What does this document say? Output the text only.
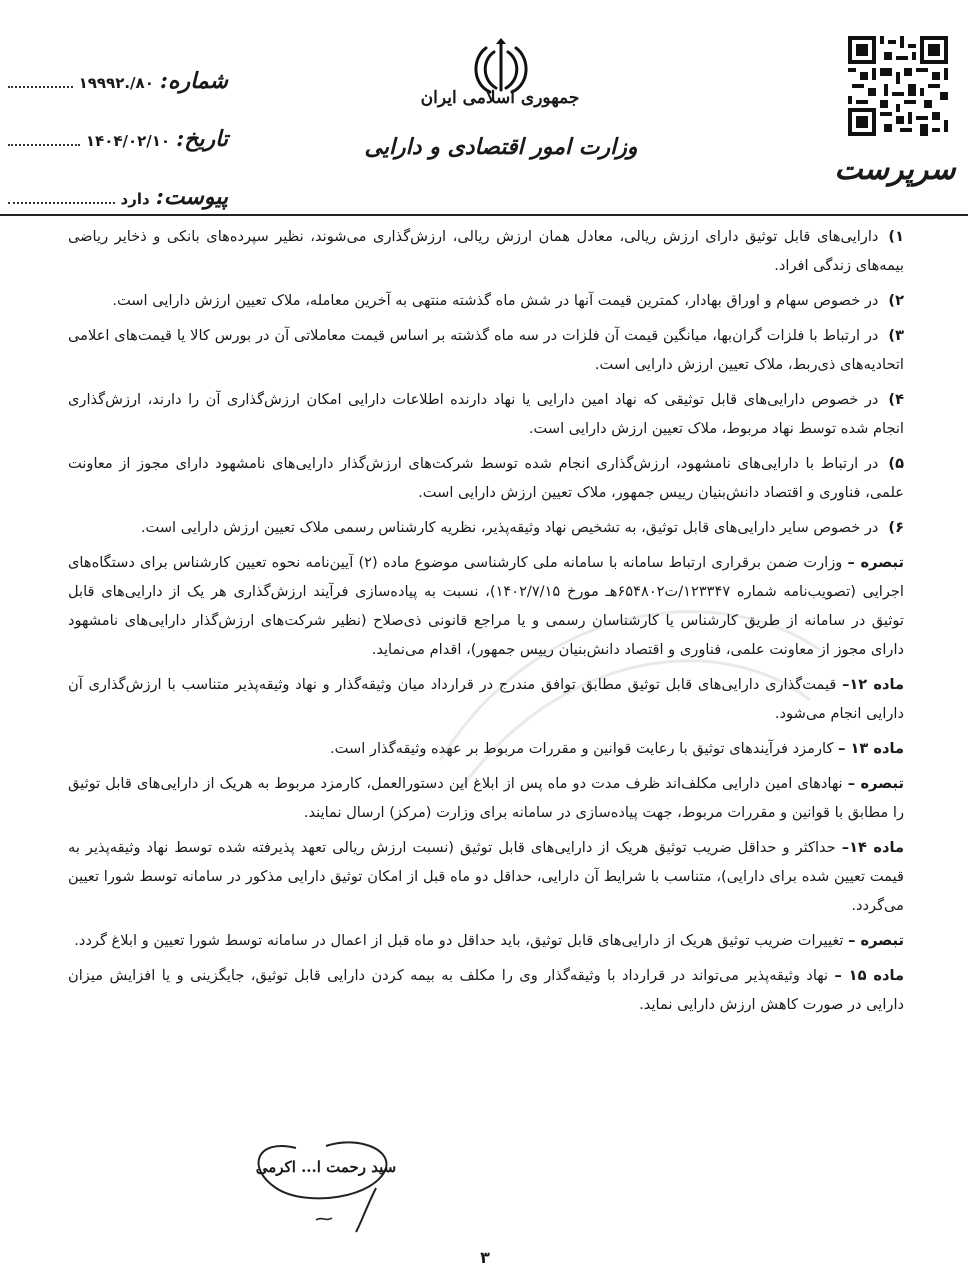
شماره:
۸۰/.۱۹۹۹۲
تاریخ:
۱۴۰۴/۰۲/۱۰
پیوست:
دارد
جمهوری اسلامی ایران
وزارت امور اقتصادی و دارایی
سرپرست

۱)دارایی‌های قابل توثیق دارای ارزش ریالی، معادل همان ارزش ریالی، ارزش‌گذاری می‌شوند، نظیر سپرده‌های بانکی و ذخایر ریاضی بیمه‌های زندگی افراد.

۲)در خصوص سهام و اوراق بهادار، کمترین قیمت آنها در شش ماه گذشته منتهی به آخرین معامله، ملاک تعیین ارزش دارایی است.

۳)در ارتباط با فلزات گران‌بها، میانگین قیمت آن فلزات در سه ماه گذشته بر اساس قیمت معاملاتی آن در بورس کالا یا قیمت‌های اعلامی اتحادیه‌های ذی‌ربط، ملاک تعیین ارزش دارایی است.

۴)در خصوص دارایی‌های قابل توثیقی که نهاد امین دارایی یا نهاد دارنده اطلاعات دارایی امکان ارزش‌گذاری آن را دارند، ارزش‌گذاری انجام شده توسط نهاد مربوط، ملاک تعیین ارزش دارایی است.

۵)در ارتباط با دارایی‌های نامشهود، ارزش‌گذاری انجام شده توسط شرکت‌های ارزش‌گذار دارایی‌های نامشهود دارای مجوز از معاونت علمی، فناوری و اقتصاد دانش‌بنیان رییس جمهور، ملاک تعیین ارزش دارایی است.

۶)در خصوص سایر دارایی‌های قابل توثیق، به تشخیص نهاد وثیقه‌پذیر، نظریه کارشناس رسمی ملاک تعیین ارزش دارایی است.

تبصره – وزارت ضمن برقراری ارتباط سامانه با سامانه ملی کارشناسی موضوع ماده (۲) آیین‌نامه نحوه تعیین کارشناس برای دستگاه‌های اجرایی (تصویب‌نامه شماره ۱۲۳۳۴۷/ت۶۵۴۸۰۲هـ مورخ ۱۴۰۲/۷/۱۵)، نسبت به پیاده‌سازی فرآیند ارزش‌گذاری هر یک از دارایی‌های قابل توثیق در سامانه از طریق کارشناس یا کارشناسان رسمی و یا مراجع قانونی ذی‌صلاح (نظیر شرکت‌های ارزش‌گذار دارایی‌های نامشهود دارای مجوز از معاونت علمی، فناوری و اقتصاد دانش‌بنیان رییس جمهور)، اقدام می‌نماید.

ماده ۱۲– قیمت‌گذاری دارایی‌های قابل توثیق مطابق توافق مندرج در قرارداد میان وثیقه‌گذار و نهاد وثیقه‌پذیر متناسب با ارزش‌گذاری آن دارایی انجام می‌شود.

ماده ۱۳ – کارمزد فرآیندهای توثیق با رعایت قوانین و مقررات مربوط بر عهده وثیقه‌گذار است.

تبصره – نهادهای امین دارایی مکلف‌اند ظرف مدت دو ماه پس از ابلاغ این دستورالعمل، کارمزد مربوط به هریک از دارایی‌های قابل توثیق را مطابق با قوانین و مقررات مربوط، جهت پیاده‌سازی در سامانه برای وزارت (مرکز) ارسال نمایند.

ماده ۱۴– حداکثر و حداقل ضریب توثیق هریک از دارایی‌های قابل توثیق (نسبت ارزش ریالی تعهد پذیرفته شده توسط نهاد وثیقه‌پذیر به قیمت تعیین شده برای دارایی)، متناسب با شرایط آن دارایی، حداقل دو ماه قبل از امکان توثیق دارایی مذکور در سامانه توسط شورا تعیین می‌گردد.

تبصره – تغییرات ضریب توثیق هریک از دارایی‌های قابل توثیق، باید حداقل دو ماه قبل از اعمال در سامانه توسط شورا تعیین و ابلاغ گردد.

ماده ۱۵ – نهاد وثیقه‌پذیر می‌تواند در قرارداد با وثیقه‌گذار وی را مکلف به بیمه کردن دارایی قابل توثیق، جایگزینی و یا افزایش میزان دارایی در صورت کاهش ارزش دارایی نماید.

سید رحمت ا... اکرمی
۳
